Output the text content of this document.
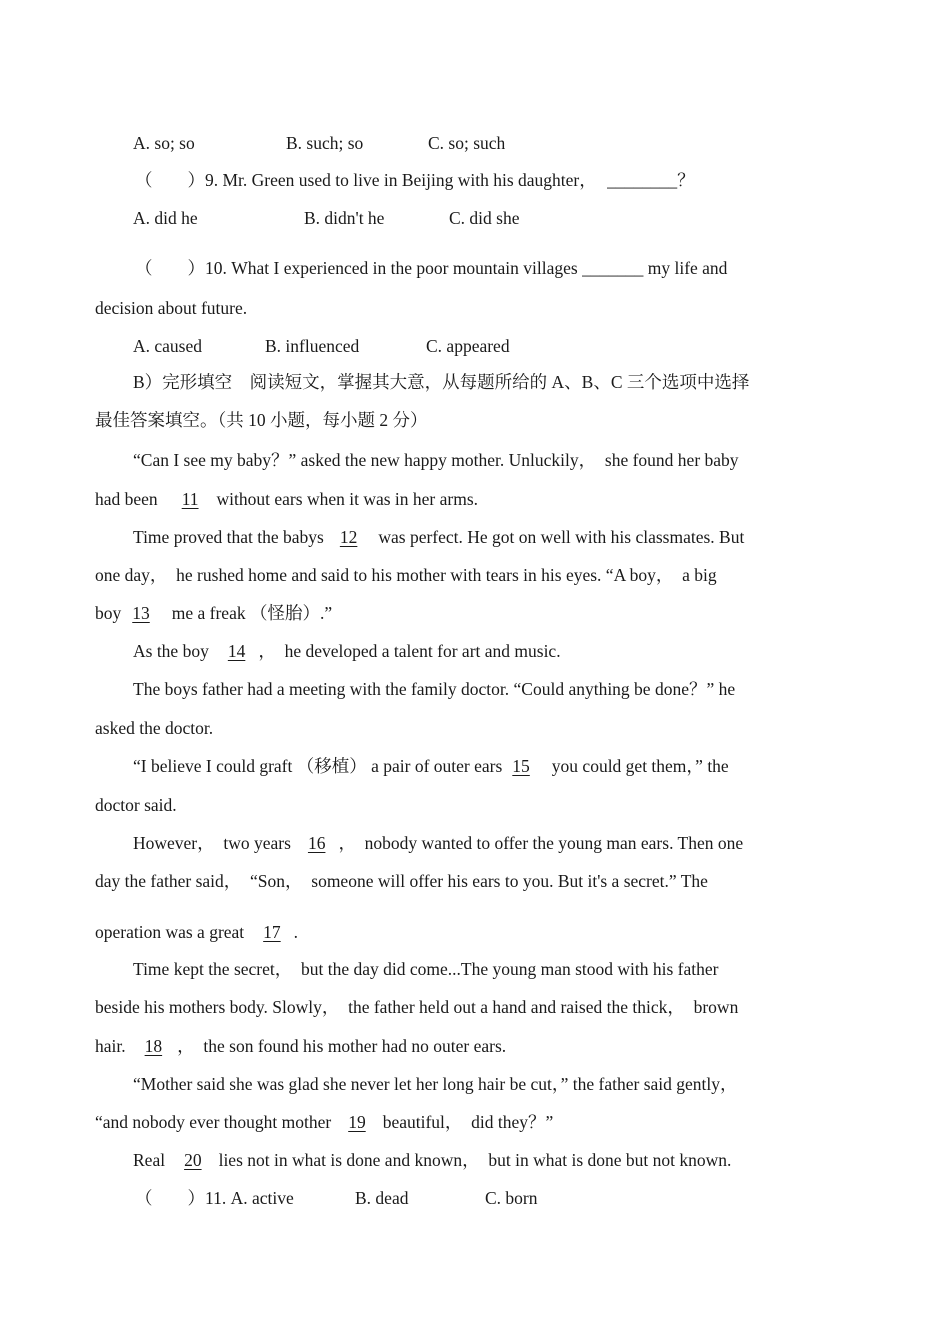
A. so; so	B. such; so	C. so; such
（　　）9. Mr. Green used to live in Beijing with his daughter， ________？
A. did he	B. didn't he	C. did she
（　　）10. What I experienced in the poor mountain villages _______ my life and
decision about future.
A. caused	B. influenced	C. appeared
B）完形填空　阅读短文，掌握其大意，从每题所给的 A、B、C 三个选项中选择
最佳答案填空。（共 10 小题，每小题 2 分）
“Can I see my baby？” asked the new happy mother. Unluckily，　she found her baby
had been 11 without ears when it was in her arms.
Time proved that the babys 12 was perfect. He got on well with his classmates. But
one day，　he rushed home and said to his mother with tears in his eyes. “A boy，　a big
boy 13 me a freak （怪胎）.”
As the boy 14 ，　he developed a talent for art and music.
The boys father had a meeting with the family doctor. “Could anything be done？” he
asked the doctor.
“I believe I could graft （移植） a pair of outer ears 15 you could get them，” the
doctor said.
However，　two years 16 ，　nobody wanted to offer the young man ears. Then one
day the father said，　“Son，　someone will offer his ears to you. But it's a secret.” The
operation was a great 17 .
Time kept the secret，　but the day did come...The young man stood with his father
beside his mothers body. Slowly，　the father held out a hand and raised the thick，　brown
hair. 18 ，　the son found his mother had no outer ears.
“Mother said she was glad she never let her long hair be cut，” the father said gently，
“and nobody ever thought mother 19 beautiful，　did they？”
Real 20 lies not in what is done and known，　but in what is done but not known.
（　　）11. A. active	B. dead	C. born
